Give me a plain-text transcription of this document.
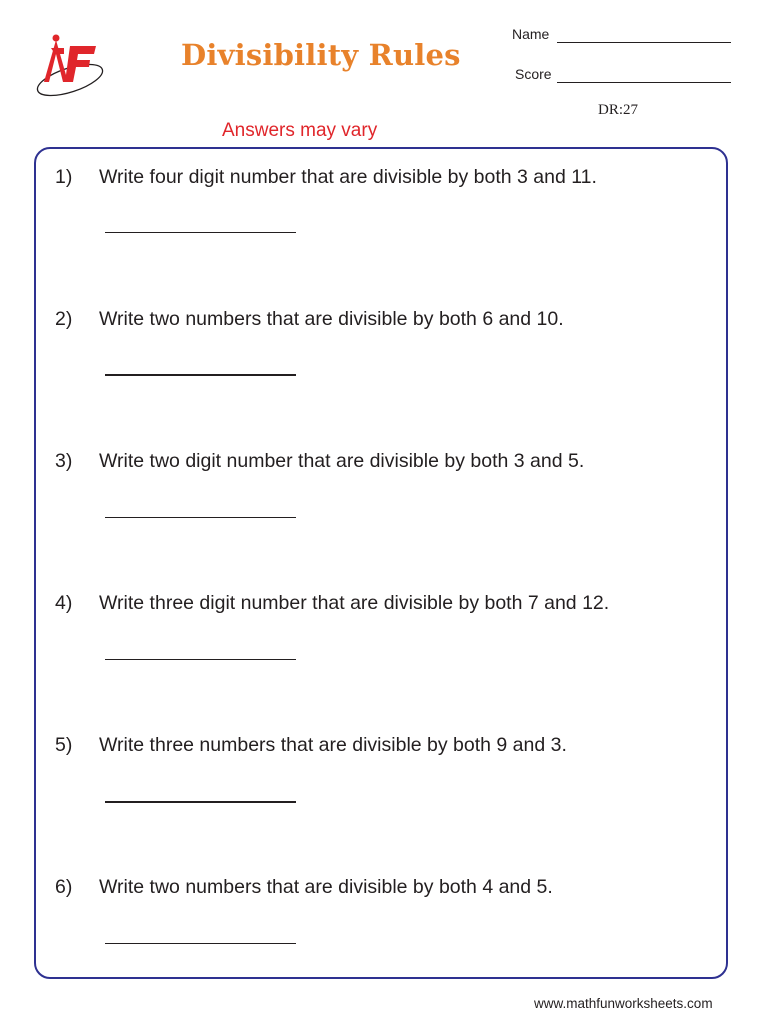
Divisibility Rules
Name
Score
DR:27
Answers may vary
1) Write four digit number that are divisible by both 3 and 11.
2) Write two numbers that are divisible by both 6 and 10.
3) Write two digit number that are divisible by both 3 and 5.
4) Write three digit number that are divisible by both 7 and 12.
5) Write three numbers that are divisible by both 9 and 3.
6) Write two numbers that are divisible by both 4 and 5.
www.mathfunworksheets.com
